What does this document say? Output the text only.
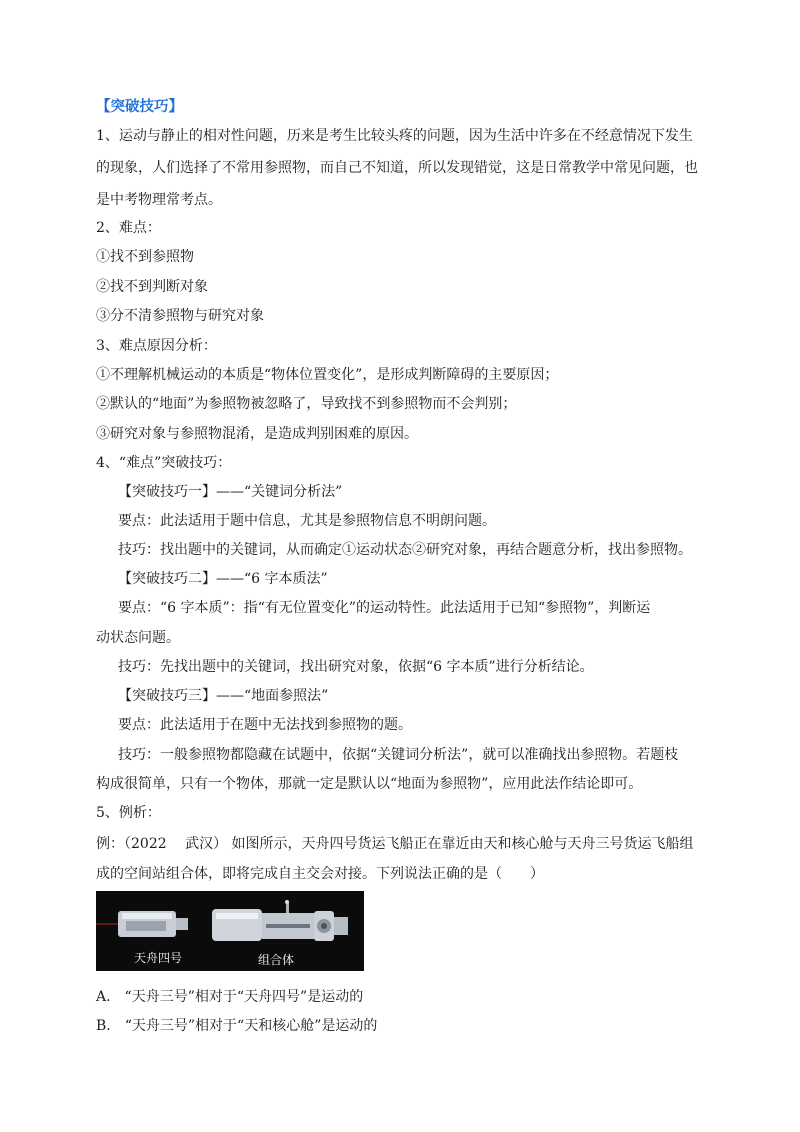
【突破技巧】
1、运动与静止的相对性问题，历来是考生比较头疼的问题，因为生活中许多在不经意情况下发生
的现象，人们选择了不常用参照物，而自己不知道，所以发现错觉，这是日常教学中常见问题，也
是中考物理常考点。
2、难点：
①找不到参照物
②找不到判断对象
③分不清参照物与研究对象
3、难点原因分析：
①不理解机械运动的本质是“物体位置变化”，是形成判断障碍的主要原因；
②默认的“地面”为参照物被忽略了，导致找不到参照物而不会判别；
③研究对象与参照物混淆，是造成判别困难的原因。
4、“难点”突破技巧：
【突破技巧一】——“关键词分析法”
要点：此法适用于题中信息，尤其是参照物信息不明朗问题。
技巧：找出题中的关键词，从而确定①运动状态②研究对象，再结合题意分析，找出参照物。
【突破技巧二】——“6 字本质法”
要点：“6 字本质”：指“有无位置变化”的运动特性。此法适用于已知“参照物”，判断运
动状态问题。
技巧：先找出题中的关键词，找出研究对象，依据“6 字本质”进行分析结论。
【突破技巧三】——“地面参照法”
要点：此法适用于在题中无法找到参照物的题。
技巧：一般参照物都隐藏在试题中，依据“关键词分析法”，就可以准确找出参照物。若题枝
构成很简单，只有一个物体，那就一定是默认以“地面为参照物”，应用此法作结论即可。
5、例析：
例：（2022　 武汉） 如图所示，天舟四号货运飞船正在靠近由天和核心舱与天舟三号货运飞船组
成的空间站组合体，即将完成自主交会对接。下列说法正确的是（　　）
天舟四号	组合体
A.　“天舟三号”相对于“天舟四号”是运动的
B.　“天舟三号”相对于“天和核心舱”是运动的
